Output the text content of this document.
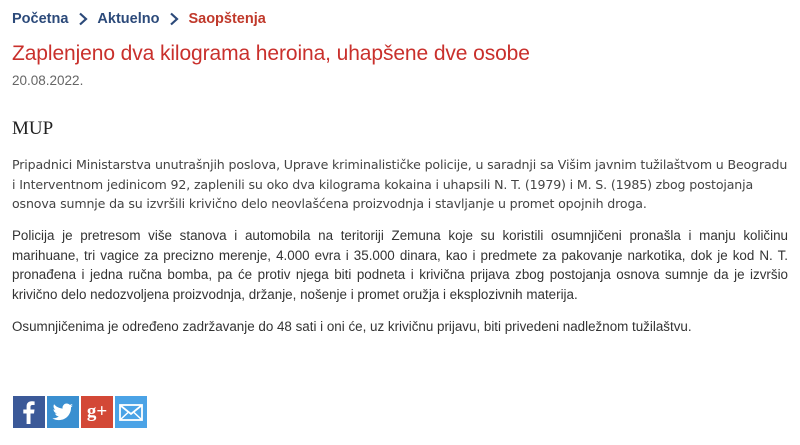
Početna Aktuelno Saopštenja
Zaplenjeno dva kilograma heroina, uhapšene dve osobe
20.08.2022.
MUP

Pripadnici Ministarstva unutrašnjih poslova, Uprave kriminalističke policije, u saradnji sa Višim javnim tužilaštvom u Beogradu i Interventnom jedinicom 92, zaplenili su oko dva kilograma kokaina i uhapsili N. T. (1979) i M. S. (1985) zbog postojanja osnova sumnje da su izvršili krivično delo neovlašćena proizvodnja i stavljanje u promet opojnih droga.

Policija je pretresom više stanova i automobila na teritoriji Zemuna koje su koristili osumnjičeni pronašla i manju količinu marihuane, tri vagice za precizno merenje, 4.000 evra i 35.000 dinara, kao i predmete za pakovanje narkotika, dok je kod N. T. pronađena i jedna ručna bomba, pa će protiv njega biti podneta i krivična prijava zbog postojanja osnova sumnje da je izvršio krivično delo nedozvoljena proizvodnja, držanje, nošenje i promet oružja i eksplozivnih materija.

Osumnjičenima je određeno zadržavanje do 48 sati i oni će, uz krivičnu prijavu, biti privedeni nadležnom tužilaštvu.

g+
